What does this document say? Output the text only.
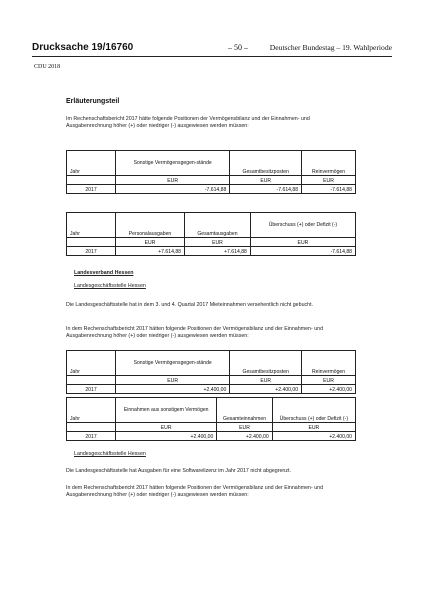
Drucksache 19/16760	– 50 –	Deutscher Bundestag – 19. Wahlperiode
CDU 2018
Erläuterungsteil
Im Rechenschaftsbericht 2017 hätte folgende Positionen der Vermögensbilanz und der Einnahmen- und Ausgabenrechnung höher (+) oder niedriger (-) ausgewiesen werden müssen:
Jahr	Sonstige Vermögensgegen-stände	Gesamtbesitzposten	Reinvermögen
	EUR	EUR	EUR
2017	-7.614,88	-7.614,88	-7.614,88
Jahr	Personalausgaben	Gesamtausgaben	Überschuss (+) oder Defizit (-)
	EUR	EUR	EUR
2017	+7.614,88	+7.614,88	-7.614,88
Landesverband Hessen
Landesgeschäftsstelle Hessen
Die Landesgeschäftsstelle hat in dem 3. und 4. Quartal 2017 Mieteinnahmen versehentlich nicht gebucht.
In dem Rechenschaftsbericht 2017 hätten folgende Positionen der Vermögensbilanz und der Einnahmen- und Ausgabenrechnung höher (+) oder niedriger (-) ausgewiesen werden müssen:
Jahr	Sonstige Vermögensgegen-stände	Gesamtbesitzposten	Reinvermögen
	EUR	EUR	EUR
2017	+2.400,00	+2.400,00	+2.400,00
Jahr	Einnahmen aus sonstigem Vermögen	Gesamteinnahmen	Überschuss (+) oder Defizit (-)
	EUR	EUR	EUR
2017	+2.400,00	+2.400,00	+2.400,00
Landesgeschäftsstelle Hessen
Die Landesgeschäftsstelle hat Ausgaben für eine Softwarelizenz im Jahr 2017 nicht abgegrenzt.
In dem Rechenschaftsbericht 2017 hätten folgende Positionen der Vermögensbilanz und der Einnahmen- und Ausgabenrechnung höher (+) oder niedriger (-) ausgewiesen werden müssen:
